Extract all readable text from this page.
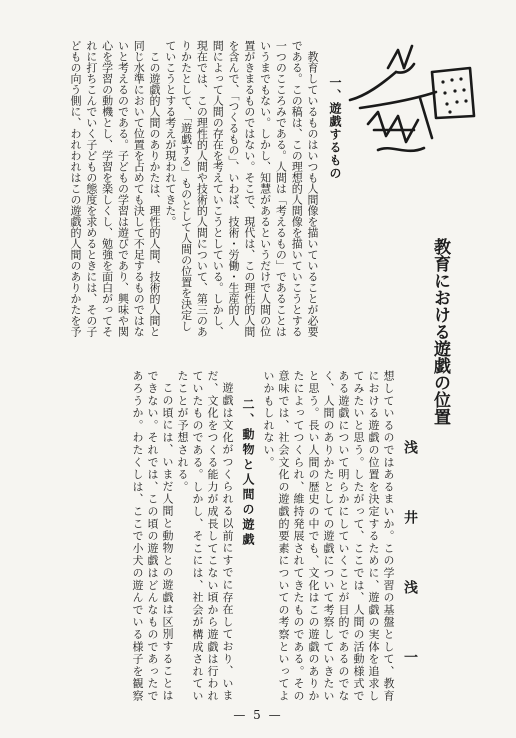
教育における遊戯の位置
浅井浅一
一、遊戯するもの
教育しているものはいつも人間像を描いていることが必要
である。この稿は、この理想的人間像を描いていこうとする
一つのこころみである。人間は「考えるもの」であることは
いうまでもない。しかし、知慧があるというだけで人間の位
置がきまるものではない。そこで、現代は、この理性的人間
を含んで、「つくるもの」、いわば、技術・労働・生産的人
間によって人間の存在を考えていこうとしている。しかし、
現在では、この理性的人間や技術的人間について、第三のあ
りかたとして、「遊戯する」ものとして人間の位置を決定し
ていこうとする考えが現われてきた。
この遊戯的人間のありかたは、理性的人間、技術的人間と
同じ水準において位置を占めても決して不足するものではな
いと考えるのである。子どもの学習は遊びであり、興味や関
心を学習の動機とし、学習を楽しくし、勉強を面白がってそ
れに打ちこんでいく子どもの態度を求めるときには、その子
どもの向う側に、われわれはこの遊戯的人間のありかたを予
想しているのではあるまいか。この学習の基盤として、教育
における遊戯の位置を決定するために、遊戯の実体を追求し
てみたいと思う。したがって、ここでは、人間の活動様式で
ある遊戯について明らかにしていくことが目的であるのでな
く、人間のありかたとしての遊戯について考察していきたい
と思う。長い人間の歴史の中でも、文化はこの遊戯のありか
たによってつくられ、維持発展されてきたものである。その
意味では、社会文化の遊戯的要素についての考察といってよ
いかもしれない。
二、動物と人間の遊戯
遊戯は文化がつくられる以前にすでに存在しており、いま
だ、文化をつくる能力が成長してこない頃から遊戯は行われ
ていたものである。しかし、そこには、社会が構成されてい
たことが予想される。
この頃には、いまだ人間と動物との遊戯は区別することは
できない。それでは、この頃の遊戯はどんなものであったで
あろうか。わたくしは、ここで小犬の遊んでいる様子を観察
— 5 —
